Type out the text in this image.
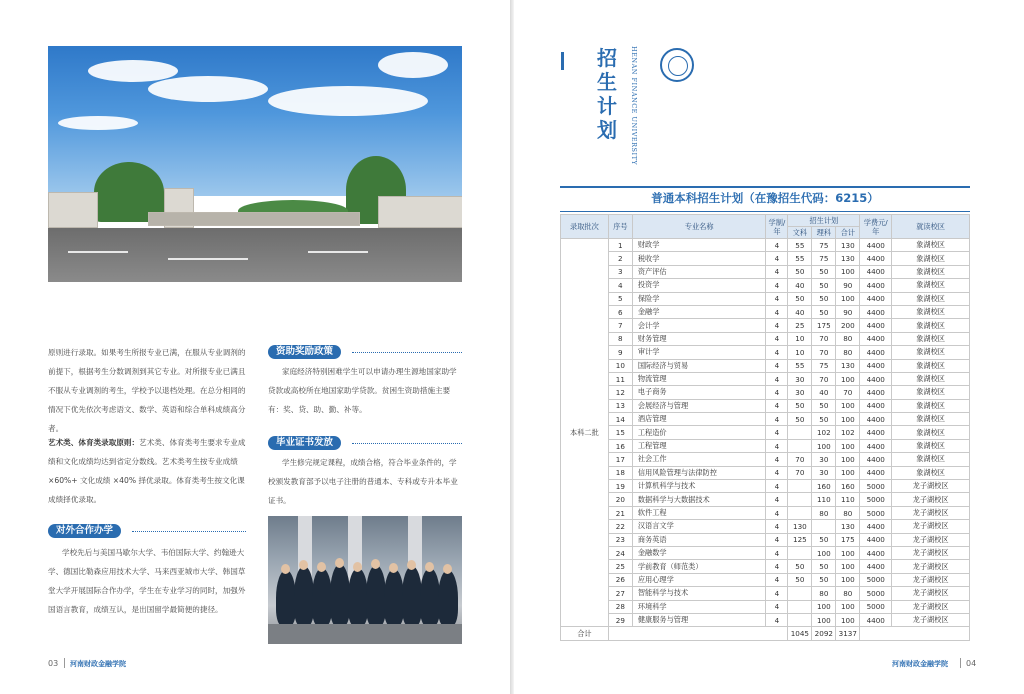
原则进行录取。如果考生所报专业已满，在服从专业调剂的前提下，根据考生分数调剂到其它专业。对所报专业已满且不服从专业调剂的考生，学校予以退档处理。在总分相同的情况下优先依次考虑语文、数学、英语和综合单科成绩高分者。
艺术类、体育类录取原则：艺术类、体育类考生要求专业成绩和文化成绩均达到省定分数线。艺术类考生按专业成绩 ×60%+ 文化成绩 ×40% 择优录取。体育类考生按文化课成绩择优录取。
对外合作办学
学校先后与美国马歇尔大学、韦伯国际大学、约翰逊大学、德国比勒森应用技术大学、马来西亚城市大学、韩国草堂大学开展国际合作办学，学生在专业学习的同时，加强外国语言教育，成绩互认，是出国留学最简便的捷径。
资助奖励政策
家庭经济特别困难学生可以申请办理生源地国家助学贷款或高校所在地国家助学贷款。贫困生资助措施主要有：奖、贷、助、勤、补等。
毕业证书发放
学生修完规定课程，成绩合格，符合毕业条件的，学校颁发教育部予以电子注册的普通本、专科或专升本毕业证书。
03 河南财政金融学院
招
生
计
划	HENAN FINANCE UNIVERSITY
普通本科招生计划（在豫招生代码：6215）
录取批次	序号	专业名称	学制/年	招生计划			学费元/年	就读校区
				文科	理科	合计		
本科二批	1	财政学	4	55	75	130	4400	象湖校区
	2	税收学	4	55	75	130	4400	象湖校区
	3	资产评估	4	50	50	100	4400	象湖校区
	4	投资学	4	40	50	90	4400	象湖校区
	5	保险学	4	50	50	100	4400	象湖校区
	6	金融学	4	40	50	90	4400	象湖校区
	7	会计学	4	25	175	200	4400	象湖校区
	8	财务管理	4	10	70	80	4400	象湖校区
	9	审计学	4	10	70	80	4400	象湖校区
	10	国际经济与贸易	4	55	75	130	4400	象湖校区
	11	物流管理	4	30	70	100	4400	象湖校区
	12	电子商务	4	30	40	70	4400	象湖校区
	13	会展经济与管理	4	50	50	100	4400	象湖校区
	14	酒店管理	4	50	50	100	4400	象湖校区
	15	工程造价	4		102	102	4400	象湖校区
	16	工程管理	4		100	100	4400	象湖校区
	17	社会工作	4	70	30	100	4400	象湖校区
	18	信用风险管理与法律防控	4	70	30	100	4400	象湖校区
	19	计算机科学与技术	4		160	160	5000	龙子湖校区
	20	数据科学与大数据技术	4		110	110	5000	龙子湖校区
	21	软件工程	4		80	80	5000	龙子湖校区
	22	汉语言文学	4	130		130	4400	龙子湖校区
	23	商务英语	4	125	50	175	4400	龙子湖校区
	24	金融数学	4		100	100	4400	龙子湖校区
	25	学前教育（师范类）	4	50	50	100	4400	龙子湖校区
	26	应用心理学	4	50	50	100	5000	龙子湖校区
	27	智能科学与技术	4		80	80	5000	龙子湖校区
	28	环境科学	4		100	100	5000	龙子湖校区
	29	健康服务与管理	4		100	100	4400	龙子湖校区
合计				1045	2092	3137		
河南财政金融学院 04
